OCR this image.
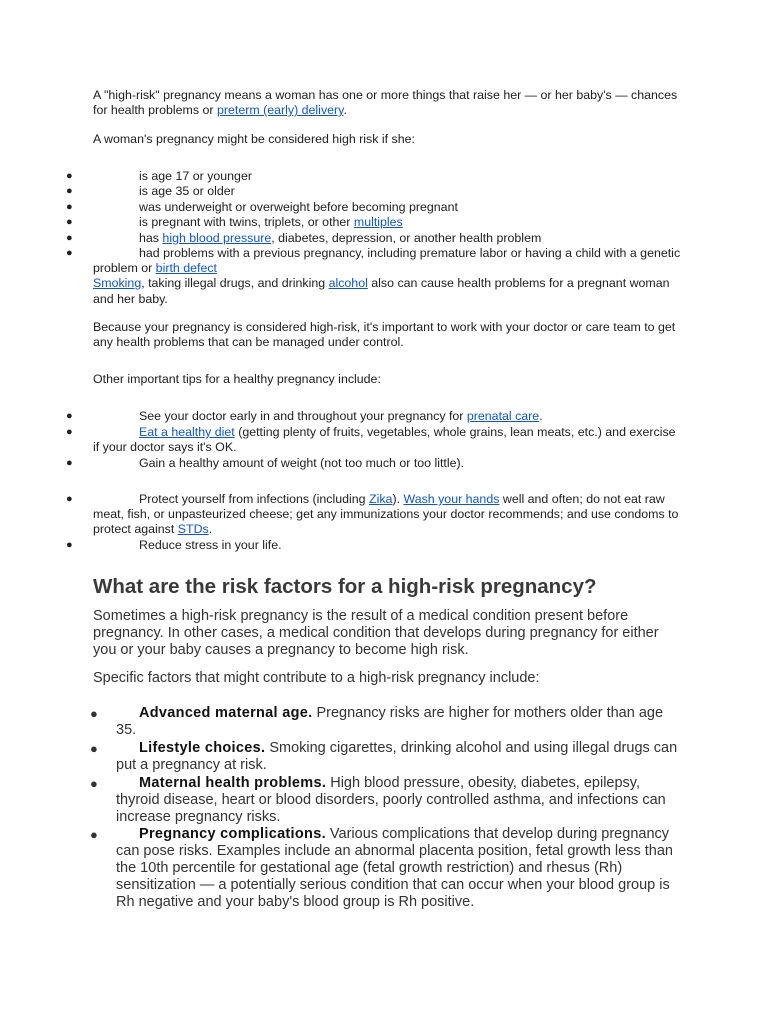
A "high-risk" pregnancy means a woman has one or more things that raise her — or her baby's — chances for health problems or preterm (early) delivery.

A woman's pregnancy might be considered high risk if she:

●	is age 17 or younger
●	is age 35 or older
●	was underweight or overweight before becoming pregnant
●	is pregnant with twins, triplets, or other multiples
●	has high blood pressure, diabetes, depression, or another health problem
●	had problems with a previous pregnancy, including premature labor or having a child with a genetic problem or birth defect
Smoking, taking illegal drugs, and drinking alcohol also can cause health problems for a pregnant woman and her baby.

Because your pregnancy is considered high-risk, it's important to work with your doctor or care team to get any health problems that can be managed under control.

Other important tips for a healthy pregnancy include:

●	See your doctor early in and throughout your pregnancy for prenatal care.
●	Eat a healthy diet (getting plenty of fruits, vegetables, whole grains, lean meats, etc.) and exercise if your doctor says it's OK.
●	Gain a healthy amount of weight (not too much or too little).
●	Protect yourself from infections (including Zika). Wash your hands well and often; do not eat raw meat, fish, or unpasteurized cheese; get any immunizations your doctor recommends; and use condoms to protect against STDs.
●	Reduce stress in your life.
What are the risk factors for a high-risk pregnancy?

Sometimes a high-risk pregnancy is the result of a medical condition present before pregnancy. In other cases, a medical condition that develops during pregnancy for either you or your baby causes a pregnancy to become high risk.

Specific factors that might contribute to a high-risk pregnancy include:

●	Advanced maternal age. Pregnancy risks are higher for mothers older than age 35.
●	Lifestyle choices. Smoking cigarettes, drinking alcohol and using illegal drugs can put a pregnancy at risk.
●	Maternal health problems. High blood pressure, obesity, diabetes, epilepsy, thyroid disease, heart or blood disorders, poorly controlled asthma, and infections can increase pregnancy risks.
●	Pregnancy complications. Various complications that develop during pregnancy can pose risks. Examples include an abnormal placenta position, fetal growth less than the 10th percentile for gestational age (fetal growth restriction) and rhesus (Rh) sensitization — a potentially serious condition that can occur when your blood group is Rh negative and your baby's blood group is Rh positive.
